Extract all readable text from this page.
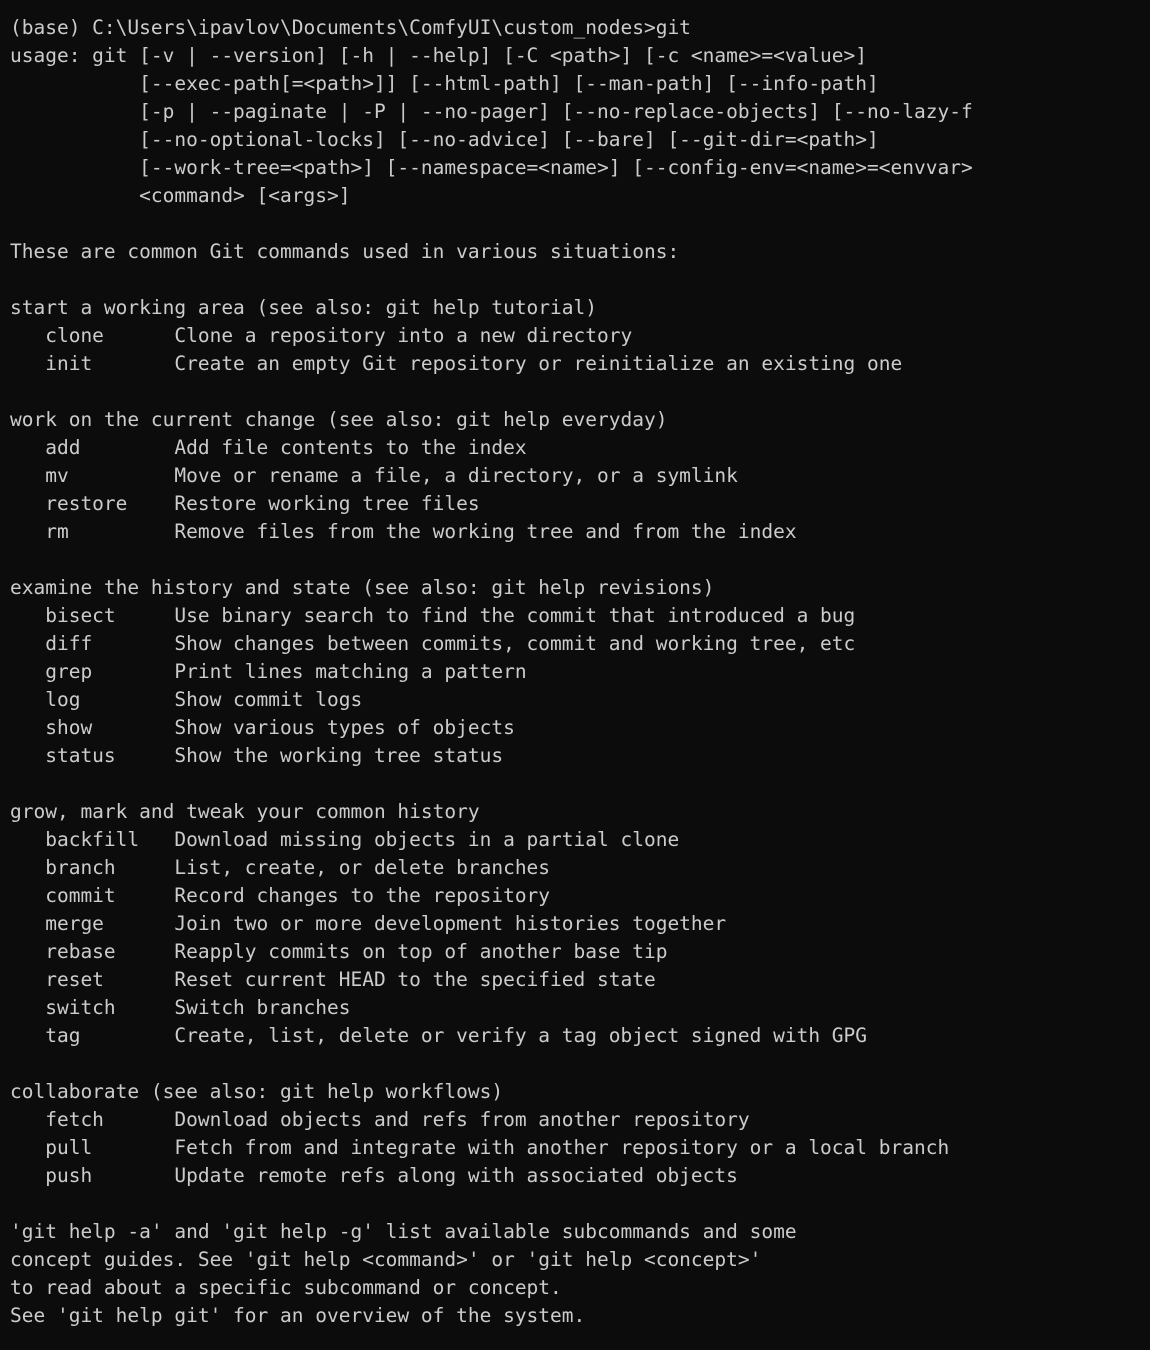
(base) C:\Users\ipavlov\Documents\ComfyUI\custom_nodes>git
usage: git [-v | --version] [-h | --help] [-C <path>] [-c <name>=<value>]
[--exec-path[=<path>]] [--html-path] [--man-path] [--info-path]
[-p | --paginate | -P | --no-pager] [--no-replace-objects] [--no-lazy-f
[--no-optional-locks] [--no-advice] [--bare] [--git-dir=<path>]
[--work-tree=<path>] [--namespace=<name>] [--config-env=<name>=<envvar>
<command> [<args>]
These are common Git commands used in various situations:
start a working area (see also: git help tutorial)
clone      Clone a repository into a new directory
init       Create an empty Git repository or reinitialize an existing one
work on the current change (see also: git help everyday)
add        Add file contents to the index
mv         Move or rename a file, a directory, or a symlink
restore    Restore working tree files
rm         Remove files from the working tree and from the index
examine the history and state (see also: git help revisions)
bisect     Use binary search to find the commit that introduced a bug
diff       Show changes between commits, commit and working tree, etc
grep       Print lines matching a pattern
log        Show commit logs
show       Show various types of objects
status     Show the working tree status
grow, mark and tweak your common history
backfill   Download missing objects in a partial clone
branch     List, create, or delete branches
commit     Record changes to the repository
merge      Join two or more development histories together
rebase     Reapply commits on top of another base tip
reset      Reset current HEAD to the specified state
switch     Switch branches
tag        Create, list, delete or verify a tag object signed with GPG
collaborate (see also: git help workflows)
fetch      Download objects and refs from another repository
pull       Fetch from and integrate with another repository or a local branch
push       Update remote refs along with associated objects
'git help -a' and 'git help -g' list available subcommands and some
concept guides. See 'git help <command>' or 'git help <concept>'
to read about a specific subcommand or concept.
See 'git help git' for an overview of the system.
